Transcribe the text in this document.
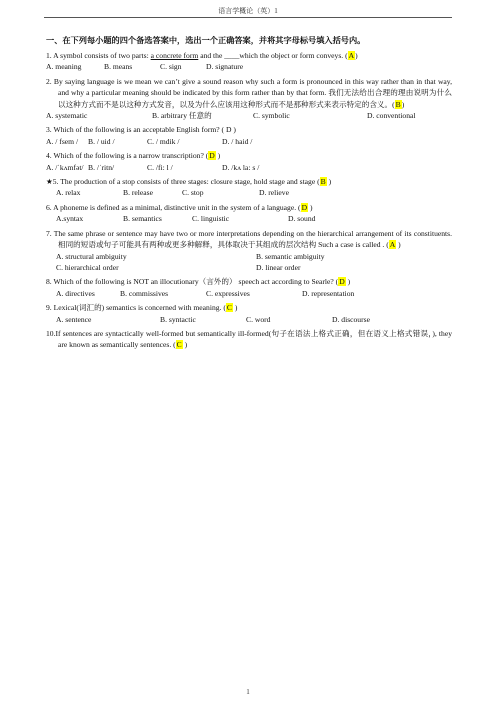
语言学概论（英）1

一、在下列每小题的四个备选答案中，选出一个正确答案，并将其字母标号填入括号内。

1. A symbol consists of two parts: a concrete form and the ____which the object or form conveys. (A)

A. meaning	B. means	C. sign	D. signature

2. By saying language is we mean we can’t give a sound reason why such a form is pronounced in this way rather than in that way, and why a particular meaning should be indicated by this form rather than by that form. 我们无法给出合理的理由说明为什么以这种方式而不是以这种方式发音，以及为什么应该用这种形式而不是那种形式来表示特定的含义。(B)

A. systematic	B. arbitrary 任意的	C. symbolic	D. conventional

3. Which of the following is an acceptable English form? ( D )

A. / fsem /	B. / uid /	C. / mdik /	D. / haid /

4. Which of the following is a narrow transcription? (D )

A. /ˈkʌmfət/ B. /ˈritn/	C. /fi: l /	D. /kʌ la: s /

★5. The production of a stop consists of three stages: closure stage, hold stage and stage (B )

A. relax	B. release	C. stop	D. relieve

6. A phoneme is defined as a minimal, distinctive unit in the system of a language. (D )

A.syntax	B. semantics	C. linguistic	D. sound

7. The same phrase or sentence may have two or more interpretations depending on the hierarchical arrangement of its constituents. 相同的短语或句子可能具有两种或更多种解释，具体取决于其组成的层次结构 Such a case is called . (A )

A. structural ambiguity	B. semantic ambiguity
C. hierarchical order	D. linear order

8. Which of the following is NOT an illocutionary（言外的） speech act according to Searle? (D )

A. directives	B. commissives	C. expressives	D. representation

9. Lexical(词汇的) semantics is concerned with meaning. (C )

A. sentence	B. syntactic	C. word	D. discourse

10.If sentences are syntactically well-formed but semantically ill-formed(句子在语法上格式正确，但在语义上格式错误，), they are known as semantically sentences. (C )

1
